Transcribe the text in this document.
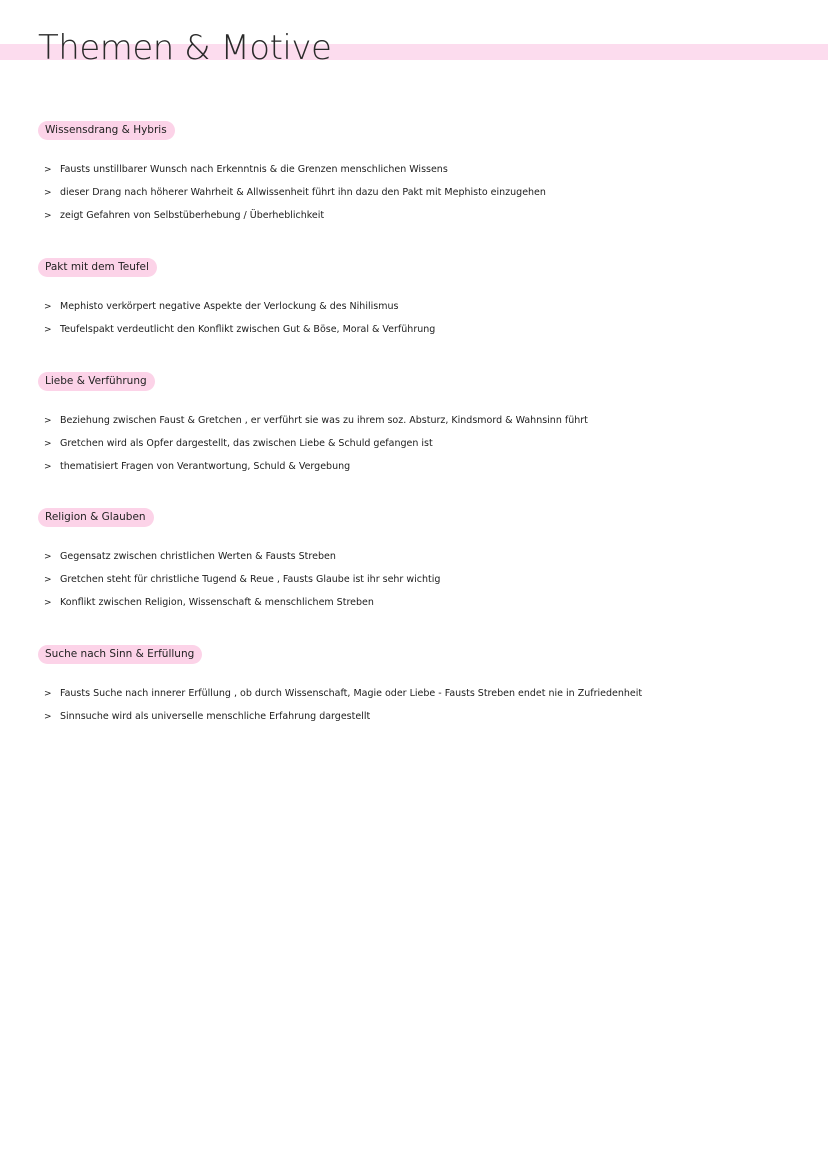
Themen & Motive
Wissensdrang & Hybris
> Fausts unstillbarer Wunsch nach Erkenntnis & die Grenzen menschlichen Wissens
> dieser Drang nach höherer Wahrheit & Allwissenheit führt ihn dazu den Pakt mit Mephisto einzugehen
> zeigt Gefahren von Selbstüberhebung / Überheblichkeit
Pakt mit dem Teufel
> Mephisto verkörpert negative Aspekte der Verlockung & des Nihilismus
> Teufelspakt verdeutlicht den Konflikt zwischen Gut & Böse, Moral & Verführung
Liebe & Verführung
> Beziehung zwischen Faust & Gretchen , er verführt sie was zu ihrem soz. Absturz, Kindsmord & Wahnsinn führt
> Gretchen wird als Opfer dargestellt, das zwischen Liebe & Schuld gefangen ist
> thematisiert Fragen von Verantwortung, Schuld & Vergebung
Religion & Glauben
> Gegensatz zwischen christlichen Werten & Fausts Streben
> Gretchen steht für christliche Tugend & Reue , Fausts Glaube ist ihr sehr wichtig
> Konflikt zwischen Religion, Wissenschaft & menschlichem Streben
Suche nach Sinn & Erfüllung
> Fausts Suche nach innerer Erfüllung , ob durch Wissenschaft, Magie oder Liebe - Fausts Streben endet nie in Zufriedenheit
> Sinnsuche wird als universelle menschliche Erfahrung dargestellt
